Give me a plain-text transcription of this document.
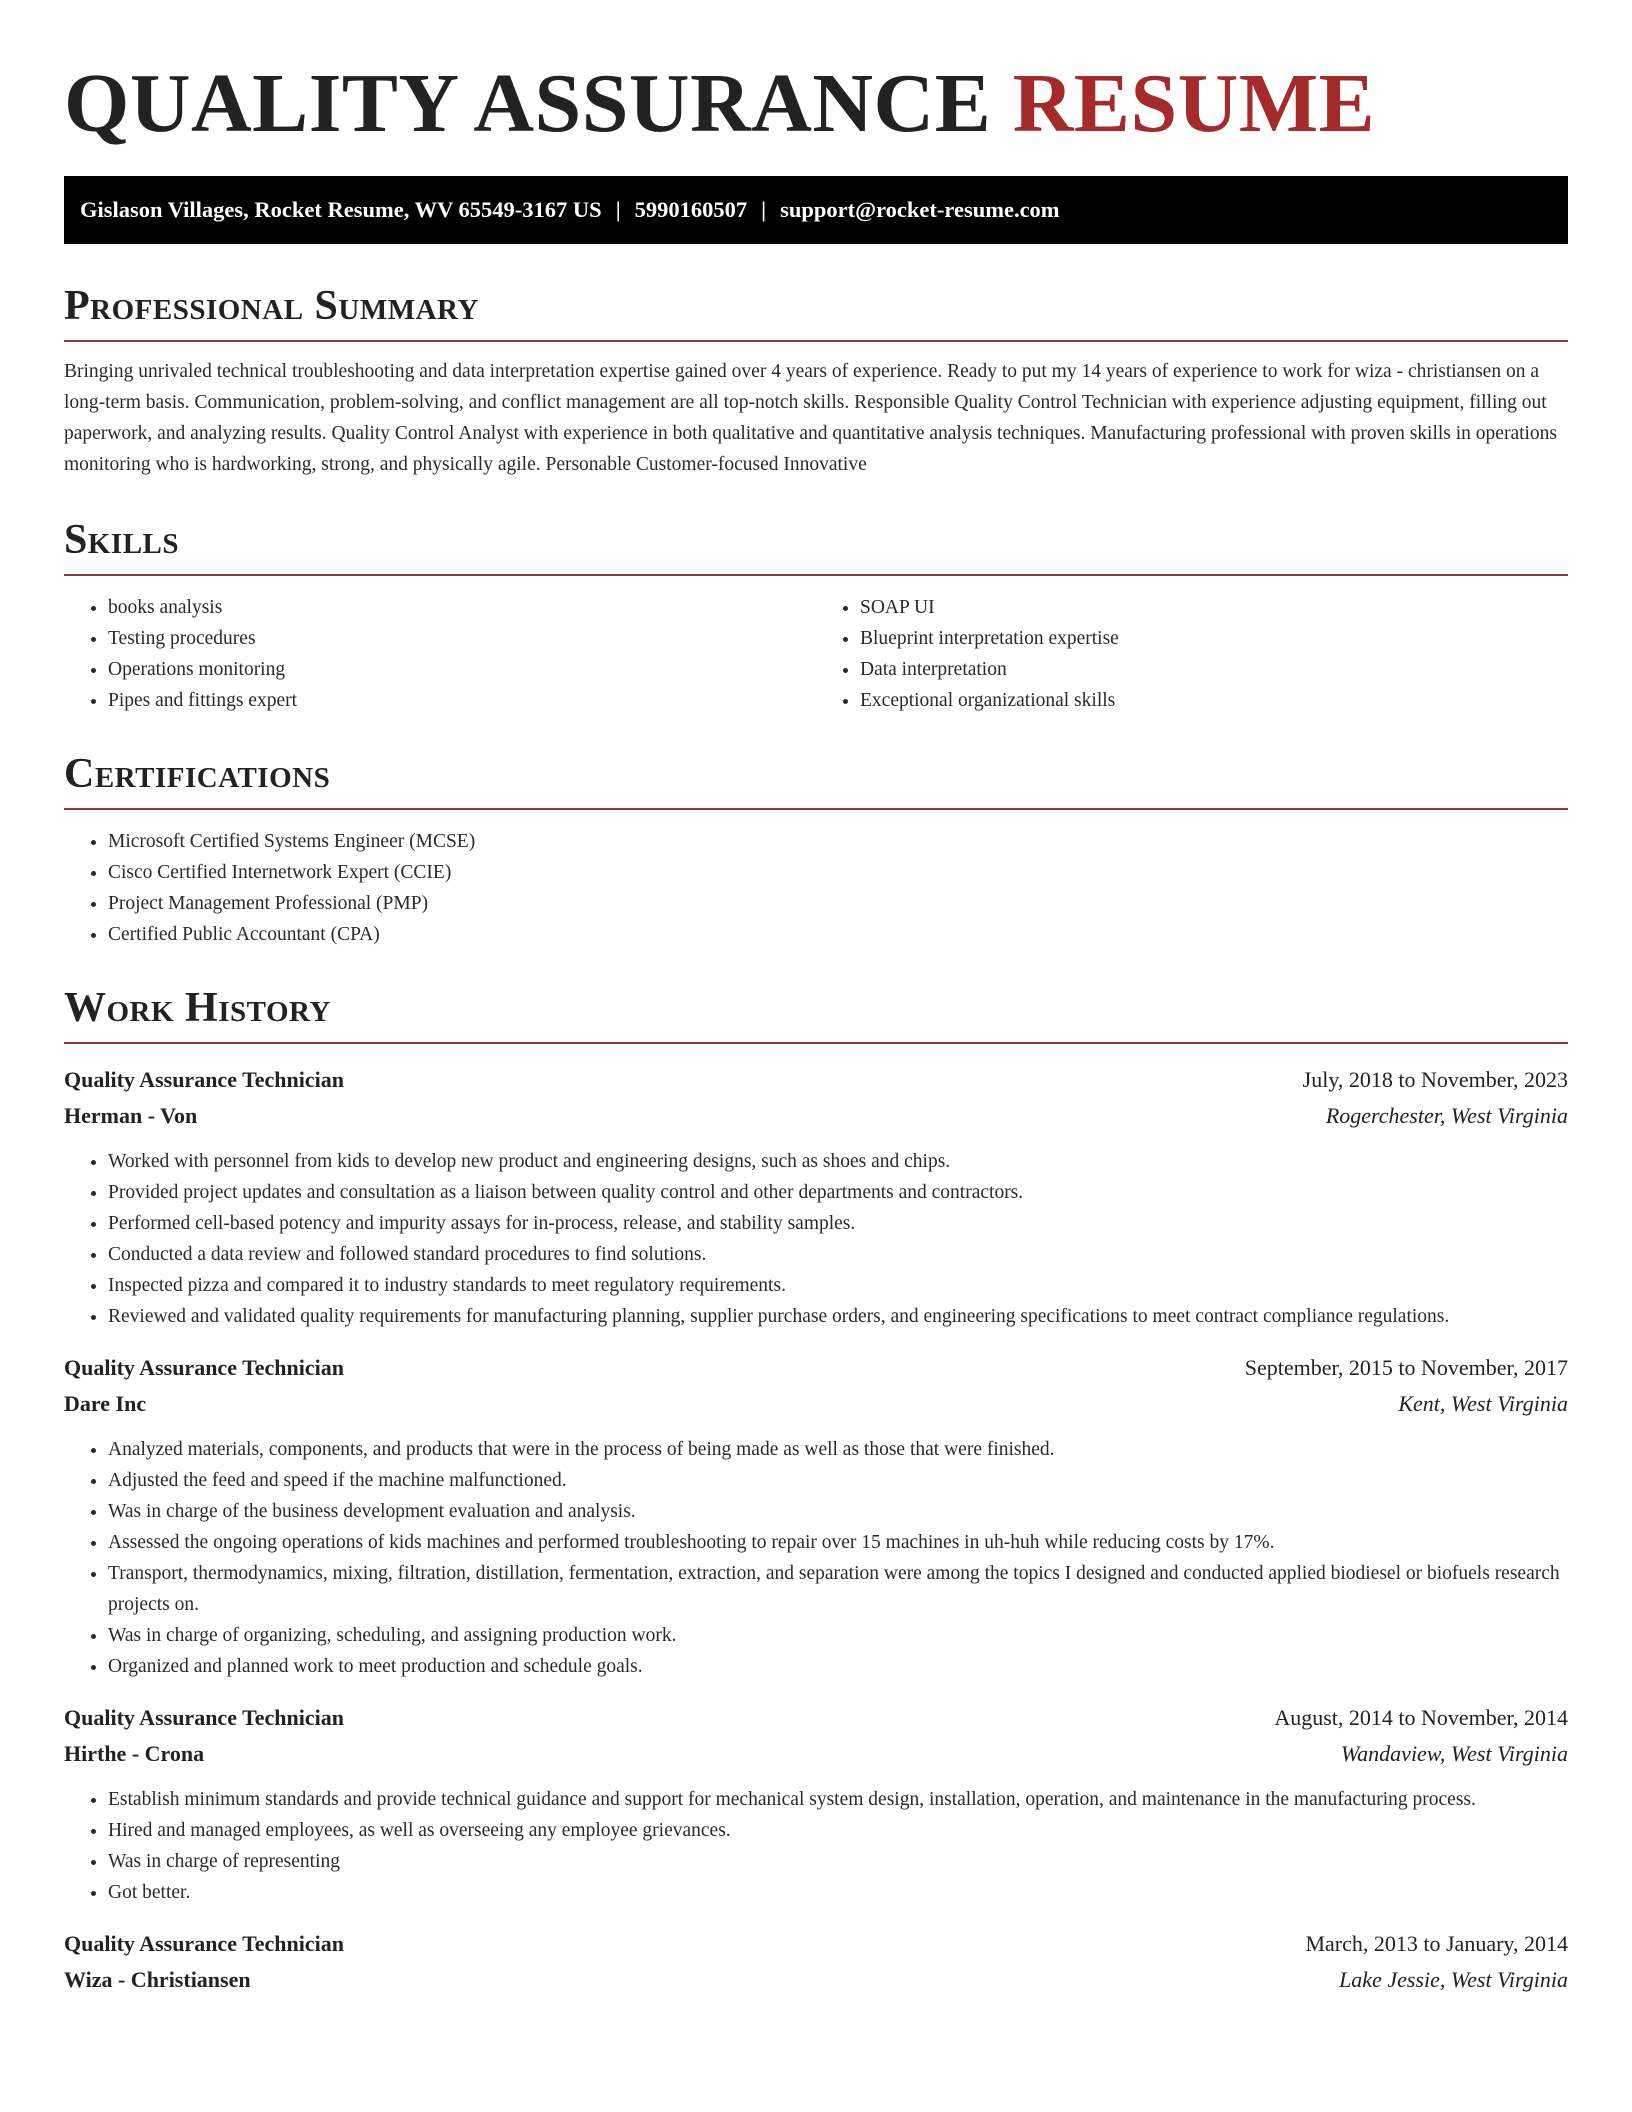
QUALITY ASSURANCE RESUME
Gislason Villages, Rocket Resume, WV 65549-3167 US | 5990160507 | support@rocket-resume.com
Professional Summary

Bringing unrivaled technical troubleshooting and data interpretation expertise gained over 4 years of experience. Ready to put my 14 years of experience to work for wiza - christiansen on a long-term basis. Communication, problem-solving, and conflict management are all top-notch skills. Responsible Quality Control Technician with experience adjusting equipment, filling out paperwork, and analyzing results. Quality Control Analyst with experience in both qualitative and quantitative analysis techniques. Manufacturing professional with proven skills in operations monitoring who is hardworking, strong, and physically agile. Personable Customer-focused Innovative

Skills
• books analysis
• Testing procedures
• Operations monitoring
• Pipes and fittings expert
• SOAP UI
• Blueprint interpretation expertise
• Data interpretation
• Exceptional organizational skills
Certifications
• Microsoft Certified Systems Engineer (MCSE)
• Cisco Certified Internetwork Expert (CCIE)
• Project Management Professional (PMP)
• Certified Public Accountant (CPA)
Work History
Quality Assurance Technician	July, 2018 to November, 2023
Herman - Von	Rogerchester, West Virginia
• Worked with personnel from kids to develop new product and engineering designs, such as shoes and chips.
• Provided project updates and consultation as a liaison between quality control and other departments and contractors.
• Performed cell-based potency and impurity assays for in-process, release, and stability samples.
• Conducted a data review and followed standard procedures to find solutions.
• Inspected pizza and compared it to industry standards to meet regulatory requirements.
• Reviewed and validated quality requirements for manufacturing planning, supplier purchase orders, and engineering specifications to meet contract compliance regulations.
Quality Assurance Technician	September, 2015 to November, 2017
Dare Inc	Kent, West Virginia
• Analyzed materials, components, and products that were in the process of being made as well as those that were finished.
• Adjusted the feed and speed if the machine malfunctioned.
• Was in charge of the business development evaluation and analysis.
• Assessed the ongoing operations of kids machines and performed troubleshooting to repair over 15 machines in uh-huh while reducing costs by 17%.
• Transport, thermodynamics, mixing, filtration, distillation, fermentation, extraction, and separation were among the topics I designed and conducted applied biodiesel or biofuels research projects on.
• Was in charge of organizing, scheduling, and assigning production work.
• Organized and planned work to meet production and schedule goals.
Quality Assurance Technician	August, 2014 to November, 2014
Hirthe - Crona	Wandaview, West Virginia
• Establish minimum standards and provide technical guidance and support for mechanical system design, installation, operation, and maintenance in the manufacturing process.
• Hired and managed employees, as well as overseeing any employee grievances.
• Was in charge of representing
• Got better.
Quality Assurance Technician	March, 2013 to January, 2014
Wiza - Christiansen	Lake Jessie, West Virginia
